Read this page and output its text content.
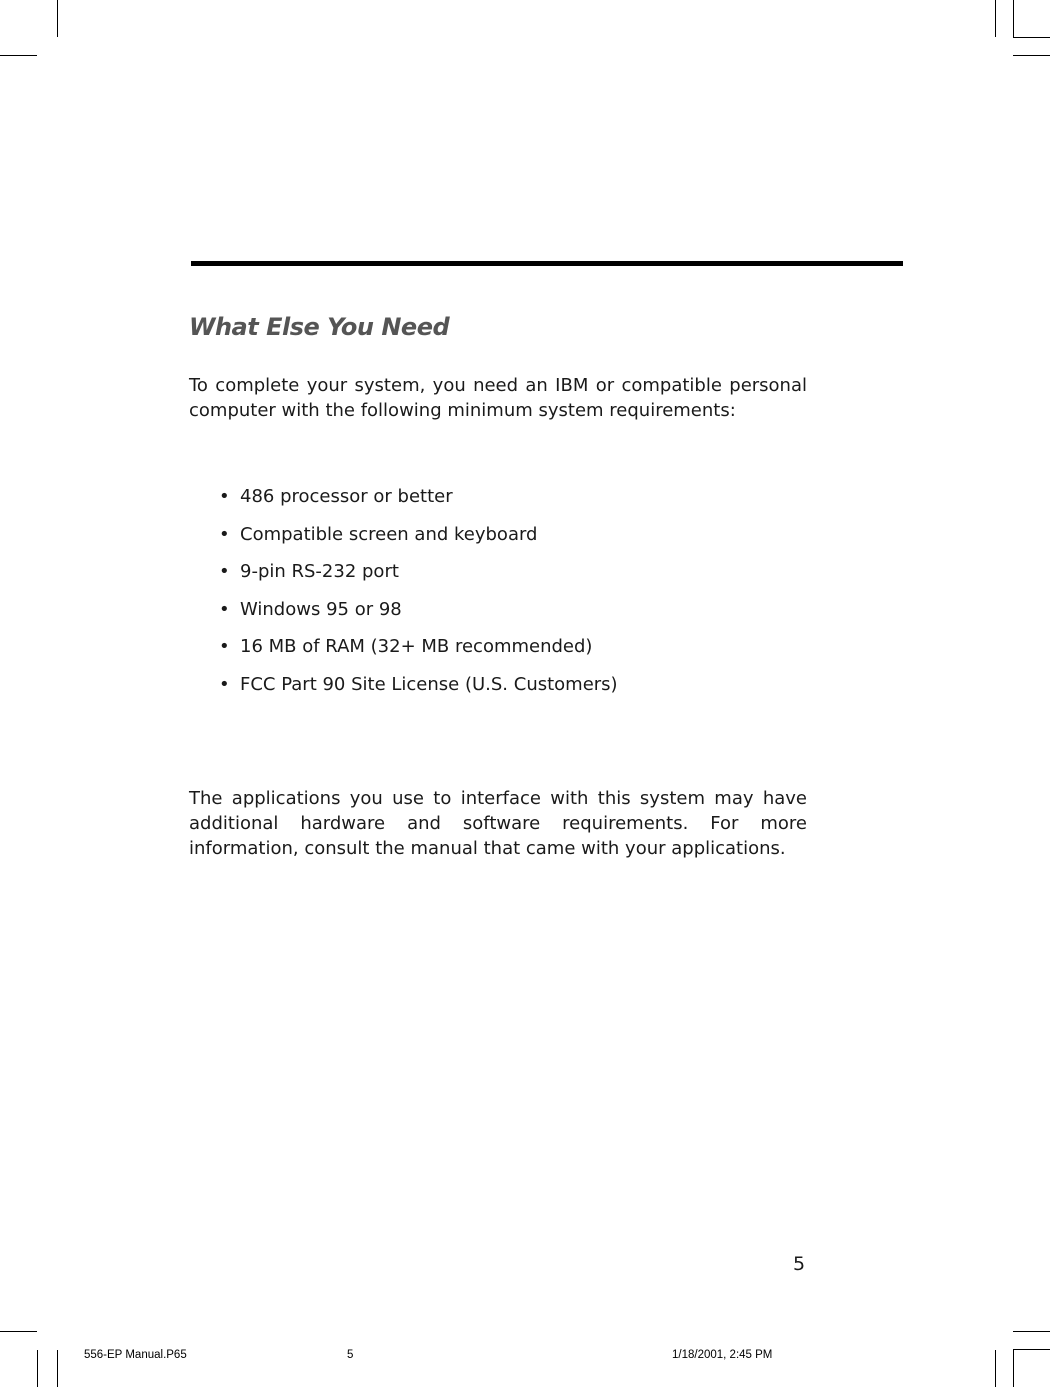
What Else You Need

To complete your system, you need an IBM or compatible personal computer with the following minimum system requirements:

• 486 processor or better
• Compatible screen and keyboard
• 9-pin RS-232 port
• Windows 95 or 98
• 16 MB of RAM (32+ MB recommended)
• FCC Part 90 Site License (U.S. Customers)

The applications you use to interface with this system may have additional hardware and software requirements. For more information, consult the manual that came with your applications.

5
556-EP Manual.P65	5	1/18/2001, 2:45 PM
